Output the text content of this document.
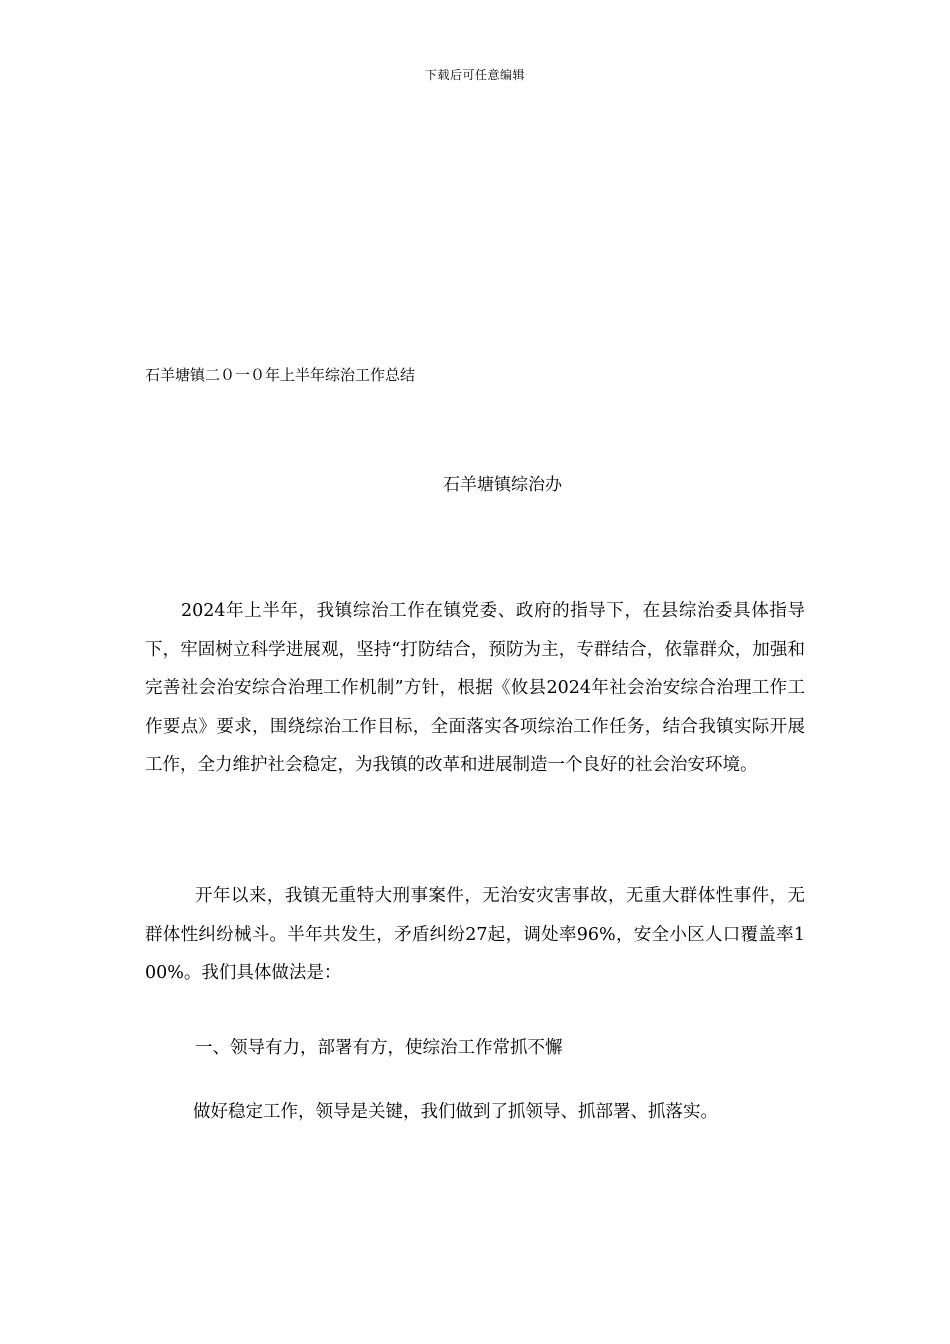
下载后可任意编辑
石羊塘镇二０一０年上半年综治工作总结
石羊塘镇综治办
2024年上半年，我镇综治工作在镇党委、政府的指导下，在县综治委具体指导下，牢固树立科学进展观，坚持“打防结合，预防为主，专群结合，依靠群众，加强和完善社会治安综合治理工作机制”方针，根据《攸县2024年社会治安综合治理工作工作要点》要求，围绕综治工作目标，全面落实各项综治工作任务，结合我镇实际开展工作，全力维护社会稳定，为我镇的改革和进展制造一个良好的社会治安环境。
开年以来，我镇无重特大刑事案件，无治安灾害事故，无重大群体性事件，无群体性纠纷械斗。半年共发生，矛盾纠纷27起，调处率96%，安全小区人口覆盖率100%。我们具体做法是：
一、领导有力，部署有方，使综治工作常抓不懈
做好稳定工作，领导是关键，我们做到了抓领导、抓部署、抓落实。
